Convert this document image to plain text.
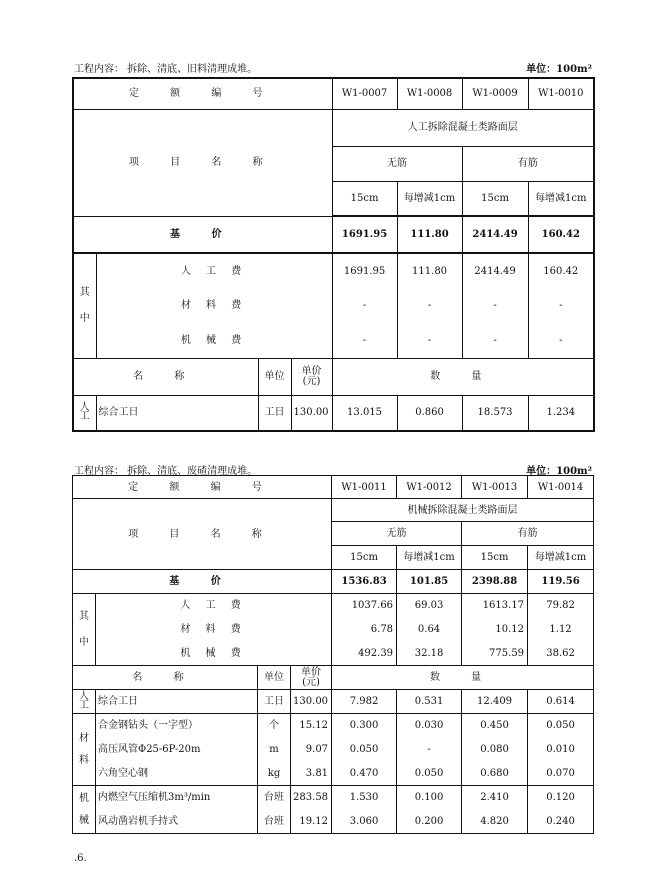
工程内容： 拆除、清底、旧料清理成堆。	单位：100m²
定 额 编 号				W1-0007	W1-0008	W1-0009	W1-0010
项 目 名 称				人工拆除混凝土类路面层			
				无筋		有筋	
				15cm	每增减1cm	15cm	每增减1cm
基 价				1691.95	111.80	2414.49	160.42
其中	人 工 费			1691.95	111.80	2414.49	160.42
	材 料 费			-	-	-	-
	机 械 费			-	-	-	-
名 称		单位	单价(元)	数 量			
人工	综合工日	工日	130.00	13.015	0.860	18.573	1.234
工程内容： 拆除、清底、废碴清理成堆。	单位：100m²
定 额 编 号				W1-0011	W1-0012	W1-0013	W1-0014
项 目 名 称				机械拆除混凝土类路面层			
				无筋		有筋	
				15cm	每增减1cm	15cm	每增减1cm
基 价				1536.83	101.85	2398.88	119.56
其中	人 工 费			1037.66	69.03	1613.17	79.82
	材 料 费			6.78	0.64	10.12	1.12
	机 械 费			492.39	32.18	775.59	38.62
名 称		单位	单价(元)	数 量			
人工	综合工日	工日	130.00	7.982	0.531	12.409	0.614
材料	合金钢钻头（一字型）	个	15.12	0.300	0.030	0.450	0.050
	高压风管Φ25-6P-20m	m	9.07	0.050	-	0.080	0.010
	六角空心钢	kg	3.81	0.470	0.050	0.680	0.070
机械	内燃空气压缩机3m³/min	台班	283.58	1.530	0.100	2.410	0.120
	风动凿岩机手持式	台班	19.12	3.060	0.200	4.820	0.240
.6.
